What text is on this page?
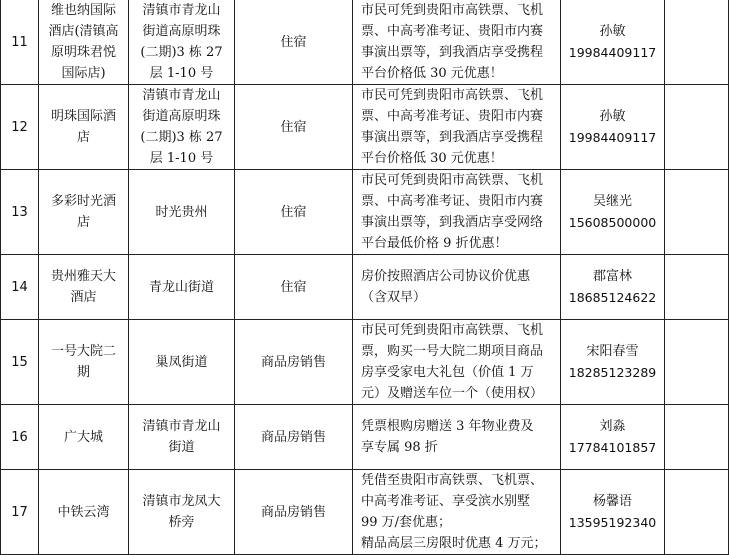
11	维也纳国际
酒店(清镇高
原明珠君悦
国际店)	清镇市青龙山
街道高原明珠
(二期)3 栋 27
层 1-10 号	住宿	市民可凭到贵阳市高铁票、飞机
票、中高考准考证、贵阳市内赛
事演出票等，到我酒店享受携程
平台价格低 30 元优惠！	孙敏
19984409117	

12	明珠国际酒
店	清镇市青龙山
街道高原明珠
(二期)3 栋 27
层 1-10 号	住宿	市民可凭到贵阳市高铁票、飞机
票、中高考准考证、贵阳市内赛
事演出票等，到我酒店享受携程
平台价格低 30 元优惠！	孙敏
19984409117	

13	多彩时光酒
店	时光贵州	住宿	市民可凭到贵阳市高铁票、飞机
票、中高考准考证、贵阳市内赛
事演出票等，到我酒店享受网络
平台最低价格 9 折优惠！	吴继光
15608500000	

14	贵州雅天大
酒店	青龙山街道	住宿	房价按照酒店公司协议价优惠
（含双早）	郡富林
18685124622	

15	一号大院二
期	巢凤街道	商品房销售	市民可凭到贵阳市高铁票、飞机
票，购买一号大院二期项目商品
房享受家电大礼包（价值 1 万
元）及赠送车位一个（使用权）	宋阳春雪
18285123289	

16	广大城	清镇市青龙山
街道	商品房销售	凭票根购房赠送 3 年物业费及
享专属 98 折	刘淼
17784101857	

17	中铁云湾	清镇市龙凤大
桥旁	商品房销售	凭借至贵阳市高铁票、飞机票、
中高考准考证、享受滨水别墅
99 万/套优惠；
精品高层三房限时优惠 4 万元；	杨馨语
13595192340	
